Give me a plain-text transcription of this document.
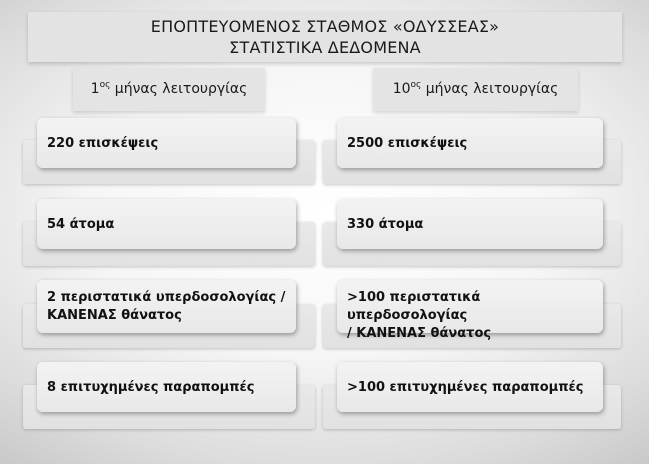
ΕΠΟΠΤΕΥΟΜΕΝΟΣ ΣΤΑΘΜΟΣ «ΟΔΥΣΣΕΑΣ»
ΣΤΑΤΙΣΤΙΚΑ ΔΕΔΟΜΕΝΑ
$1^{o\varsigma}$ μήνας λειτουργίας	$10^{o\varsigma}$ μήνας λειτουργίας
220 επισκέψεις
54 άτομα
2 περιστατικά υπερδοσολογίας /
ΚΑΝΕΝΑΣ θάνατος
8 επιτυχημένες παραπομπές
2500 επισκέψεις
330 άτομα
>100 περιστατικά υπερδοσολογίας
/ ΚΑΝΕΝΑΣ θάνατος
>100 επιτυχημένες παραπομπές
